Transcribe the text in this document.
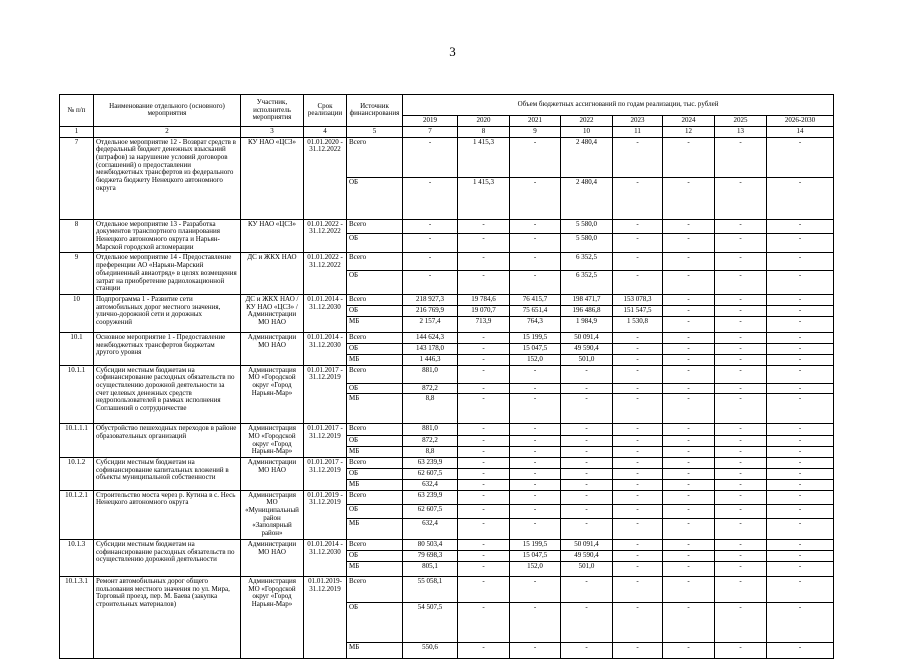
3
№ п/п	Наименование отдельного (основного) мероприятия	Участник, исполнитель мероприятия	Срок реализации	Источник финансирования	Объем бюджетных ассигнований по годам реализации, тыс. рублей							
					2019	2020	2021	2022	2023	2024	2025	2026-2030
1	2	3	4	5	7	8	9	10	11	12	13	14
7	Отдельное мероприятие 12 - Возврат средств в федеральный бюджет денежных взысканий (штрафов) за нарушение условий договоров (соглашений) о предоставлении межбюджетных трансфертов из федерального бюджета бюджету Ненецкого автономного округа	КУ НАО «ЦСЗ»	01.01.2020 - 31.12.2022	Всего	-	1 415,3	-	2 480,4	-	-	-	-
				ОБ	-	1 415,3	-	2 480,4	-	-	-	-
8	Отдельное мероприятие 13 - Разработка документов транспортного планирования Ненецкого автономного округа и Нарьян-Марской городской агломерации	КУ НАО «ЦСЗ»	01.01.2022 - 31.12.2022	Всего	-	-	-	5 580,0	-	-	-	-
				ОБ	-	-	-	5 580,0	-	-	-	-
9	Отдельное мероприятие 14 - Предоставление преференции АО «Нарьян-Марский объединенный авиаотряд» в целях возмещения затрат на приобретение радиолокационной станции	ДС и ЖКХ НАО	01.01.2022 - 31.12.2022	Всего	-	-	-	6 352,5	-	-	-	-
				ОБ	-	-	-	6 352,5	-	-	-	-
10	Подпрограмма 1 - Развитие сети автомобильных дорог местного значения, улично-дорожной сети и дорожных сооружений	ДС и ЖКХ НАО / КУ НАО «ЦСЗ» / Администрации МО НАО	01.01.2014 - 31.12.2030	Всего	218 927,3	19 784,6	76 415,7	198 471,7	153 078,3	-	-	-
				ОБ	216 769,9	19 070,7	75 651,4	196 486,8	151 547,5	-	-	-
				МБ	2 157,4	713,9	764,3	1 984,9	1 530,8	-	-	-
10.1	Основное мероприятие 1 - Предоставление межбюджетных трансфертов бюджетам другого уровня	Администрации МО НАО	01.01.2014 - 31.12.2030	Всего	144 624,3	-	15 199,5	50 091,4	-	-	-	-
				ОБ	143 178,0	-	15 047,5	49 590,4	-	-	-	-
				МБ	1 446,3	-	152,0	501,0	-	-	-	-
10.1.1	Субсидии местным бюджетам на софинансирование расходных обязательств по осуществлению дорожной деятельности за счет целевых денежных средств недропользователей в рамках исполнения Соглашений о сотрудничестве	Администрация МО «Городской округ «Город Нарьян-Мар»	01.01.2017 - 31.12.2019	Всего	881,0	-	-	-	-	-	-	-
				ОБ	872,2	-	-	-	-	-	-	-
				МБ	8,8	-	-	-	-	-	-	-
10.1.1.1	Обустройство пешеходных переходов в районе образовательных организаций	Администрация МО «Городской округ «Город Нарьян-Мар»	01.01.2017 - 31.12.2019	Всего	881,0	-	-	-	-	-	-	-
				ОБ	872,2	-	-	-	-	-	-	-
				МБ	8,8	-	-	-	-	-	-	-
10.1.2	Субсидии местным бюджетам на софинансирование капитальных вложений в объекты муниципальной собственности	Администрации МО НАО	01.01.2017 - 31.12.2019	Всего	63 239,9	-	-	-	-	-	-	-
				ОБ	62 607,5	-	-	-	-	-	-	-
				МБ	632,4	-	-	-	-	-	-	-
10.1.2.1	Строительство моста через р. Кутина в с. Несь Ненецкого автономного округа	Администрация МО «Муниципальный район «Заполярный район»	01.01.2019 - 31.12.2019	Всего	63 239,9	-	-	-	-	-	-	-
				ОБ	62 607,5	-	-	-	-	-	-	-
				МБ	632,4	-	-	-	-	-	-	-
10.1.3	Субсидии местным бюджетам на софинансирование расходных обязательств по осуществлению дорожной деятельности	Администрации МО НАО	01.01.2014 - 31.12.2030	Всего	80 503,4	-	15 199,5	50 091,4	-	-	-	-
				ОБ	79 698,3	-	15 047,5	49 590,4	-	-	-	-
				МБ	805,1	-	152,0	501,0	-	-	-	-
10.1.3.1	Ремонт автомобильных дорог общего пользования местного значения по ул. Мира, Торговый проезд, пер. М. Баева (закупка строительных материалов)	Администрация МО «Городской округ «Город Нарьян-Мар»	01.01.2019- 31.12.2019	Всего	55 058,1	-	-	-	-	-	-	-
				ОБ	54 507,5	-	-	-	-	-	-	-
				МБ	550,6	-	-	-	-	-	-	-
